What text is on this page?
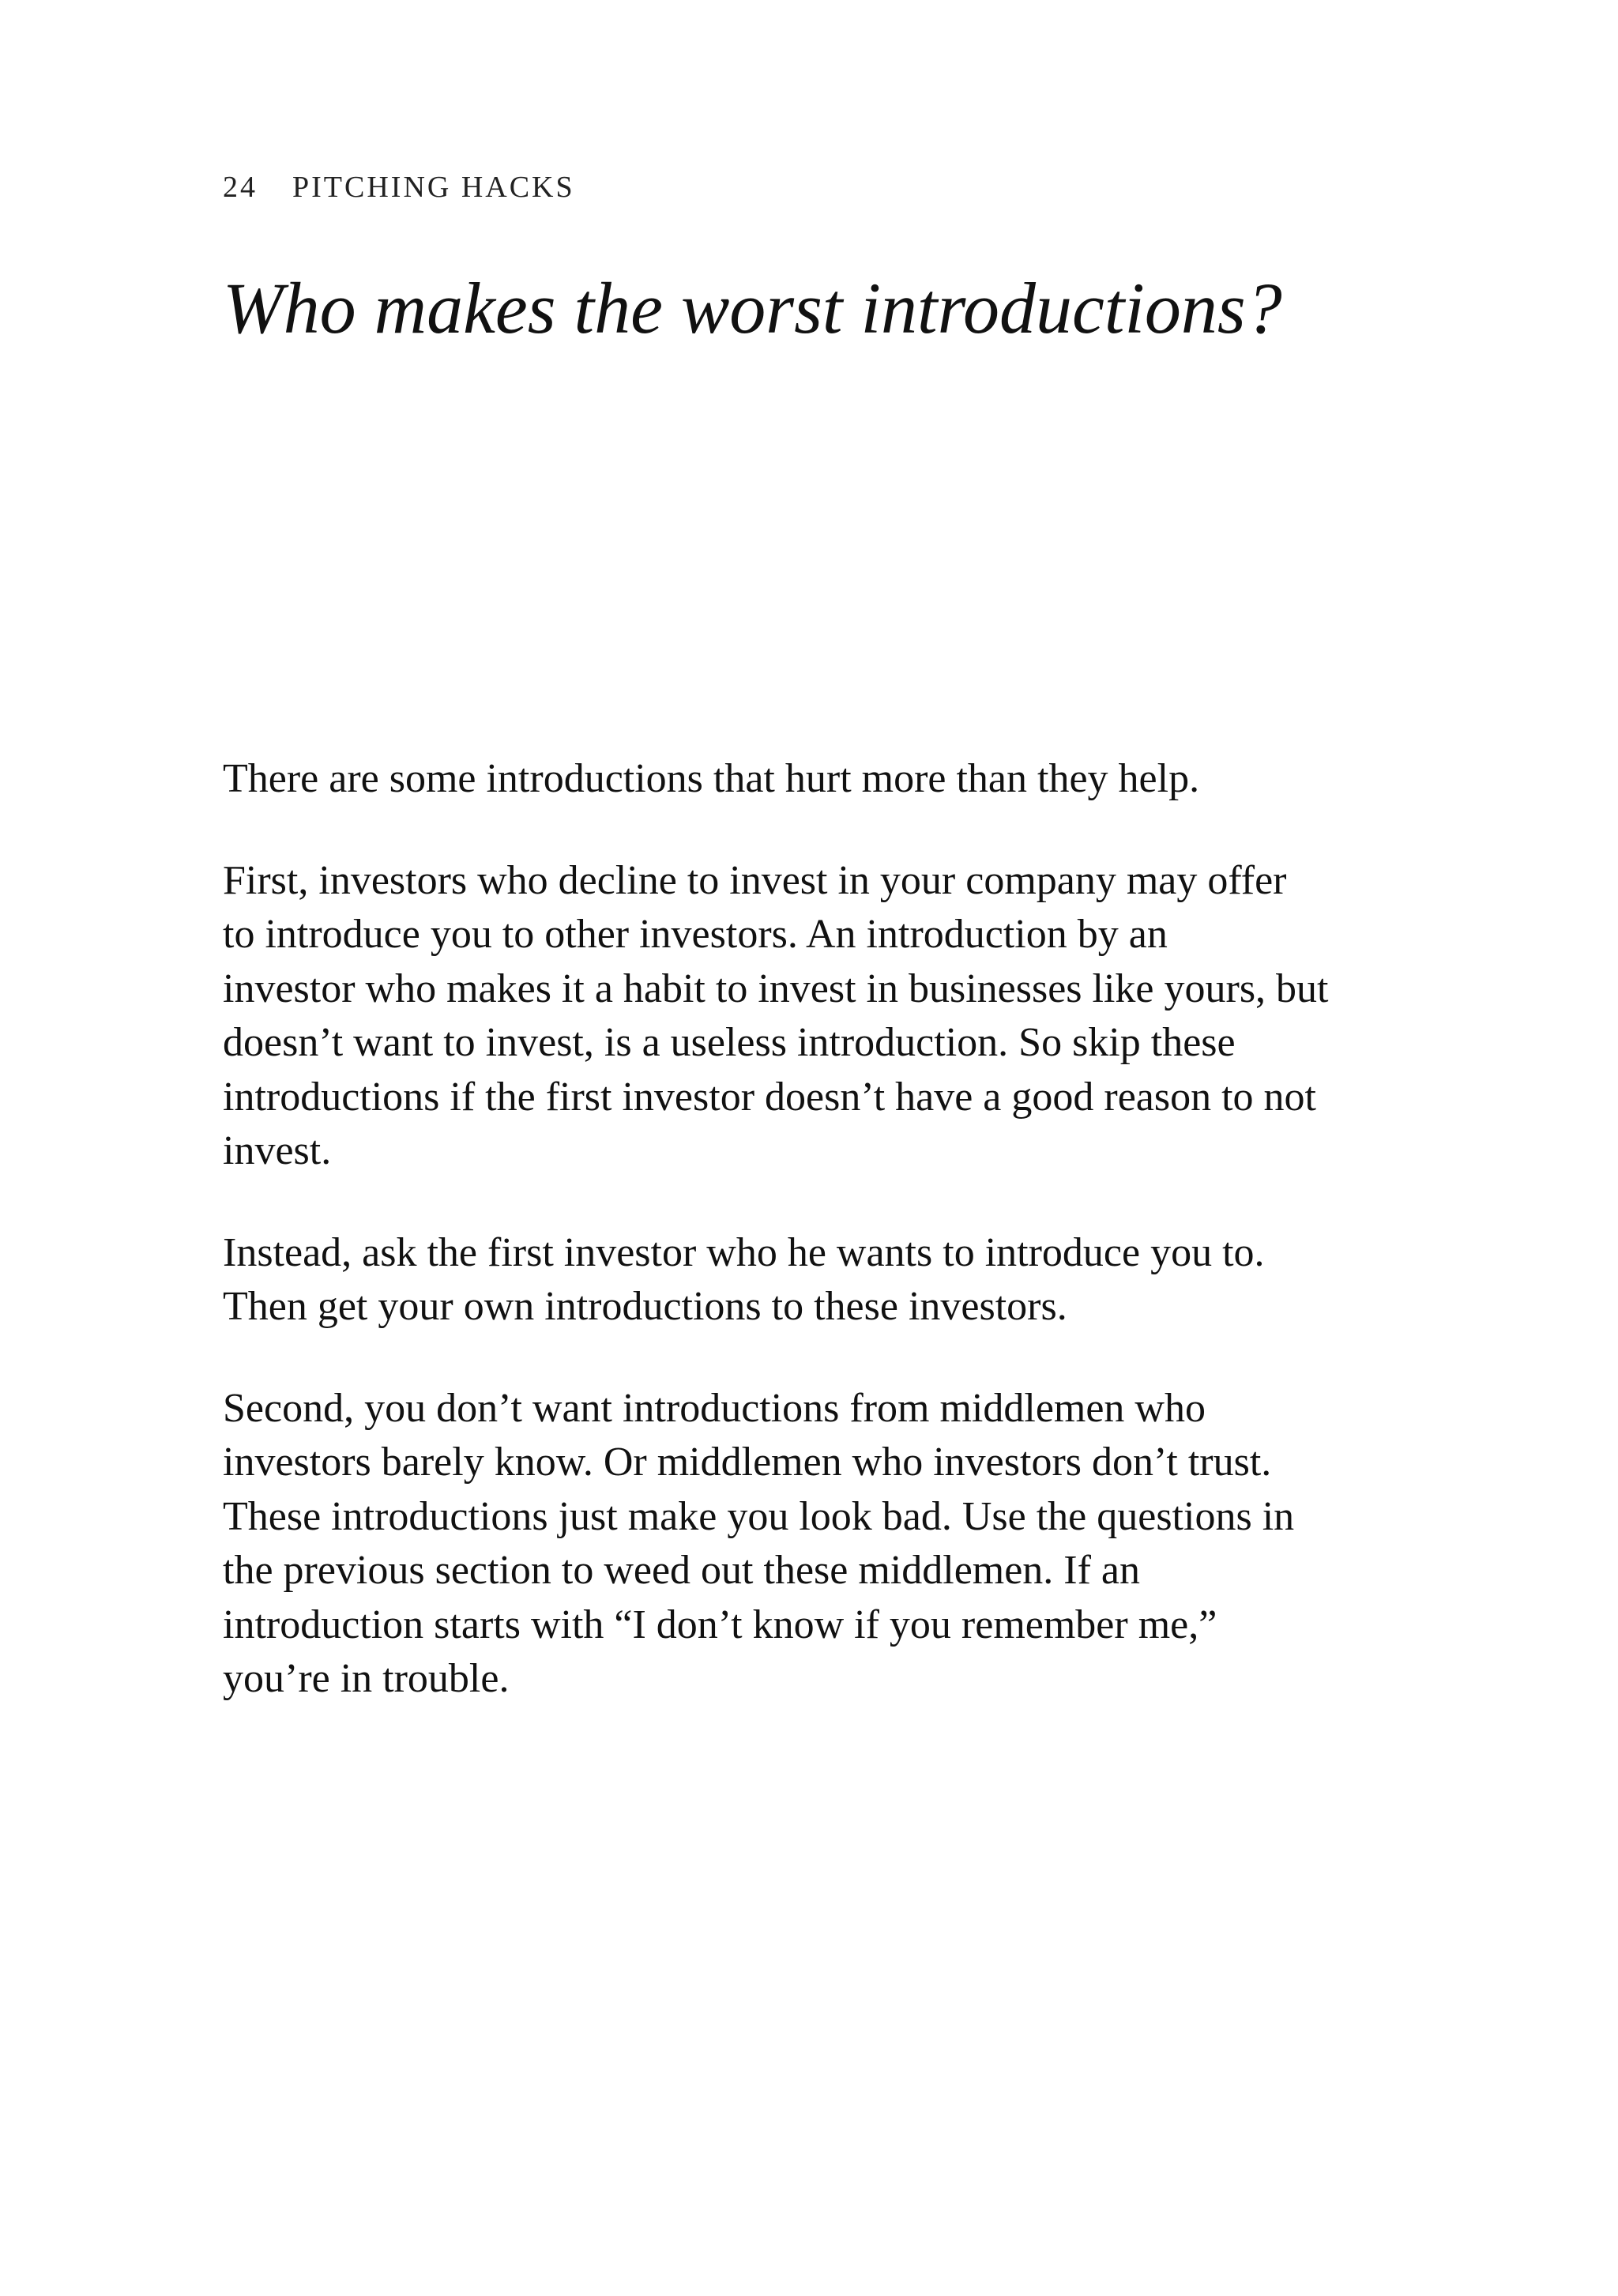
24 PITCHING HACKS
Who makes the worst introductions?

There are some introductions that hurt more than they help.

First, investors who decline to invest in your company may offer
to introduce you to other investors. An introduction by an
investor who makes it a habit to invest in businesses like yours, but
doesn’t want to invest, is a useless introduction. So skip these
introductions if the first investor doesn’t have a good reason to not
invest.

Instead, ask the first investor who he wants to introduce you to.
Then get your own introductions to these investors.

Second, you don’t want introductions from middlemen who
investors barely know. Or middlemen who investors don’t trust.
These introductions just make you look bad. Use the questions in
the previous section to weed out these middlemen. If an
introduction starts with “I don’t know if you remember me,”
you’re in trouble.
